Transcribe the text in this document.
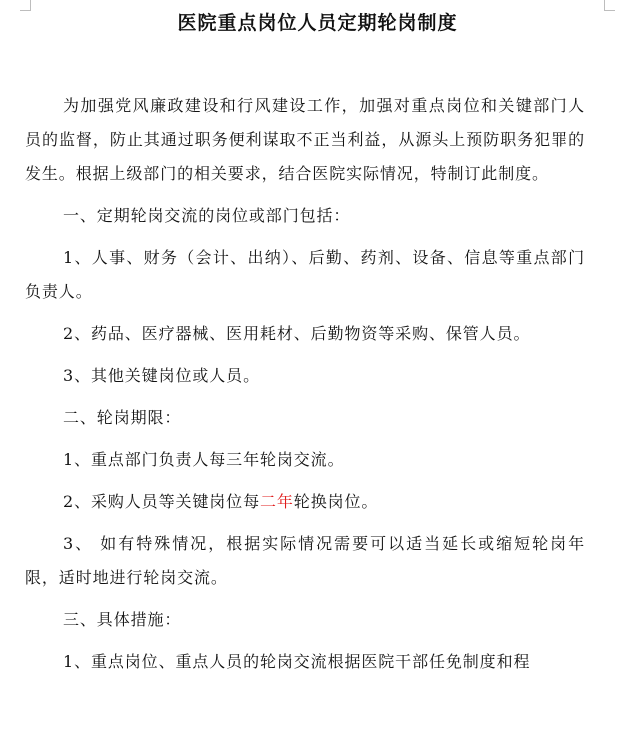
医院重点岗位人员定期轮岗制度

为加强党风廉政建设和行风建设工作，加强对重点岗位和关键部门人员的监督，防止其通过职务便利谋取不正当利益，从源头上预防职务犯罪的发生。根据上级部门的相关要求，结合医院实际情况，特制订此制度。

一、定期轮岗交流的岗位或部门包括：

1、人事、财务（会计、出纳）、后勤、药剂、设备、信息等重点部门负责人。

2、药品、医疗器械、医用耗材、后勤物资等采购、保管人员。

3、其他关键岗位或人员。

二、轮岗期限：

1、重点部门负责人每三年轮岗交流。

2、采购人员等关键岗位每二年轮换岗位。

3、 如有特殊情况，根据实际情况需要可以适当延长或缩短轮岗年限，适时地进行轮岗交流。

三、具体措施：

1、重点岗位、重点人员的轮岗交流根据医院干部任免制度和程
